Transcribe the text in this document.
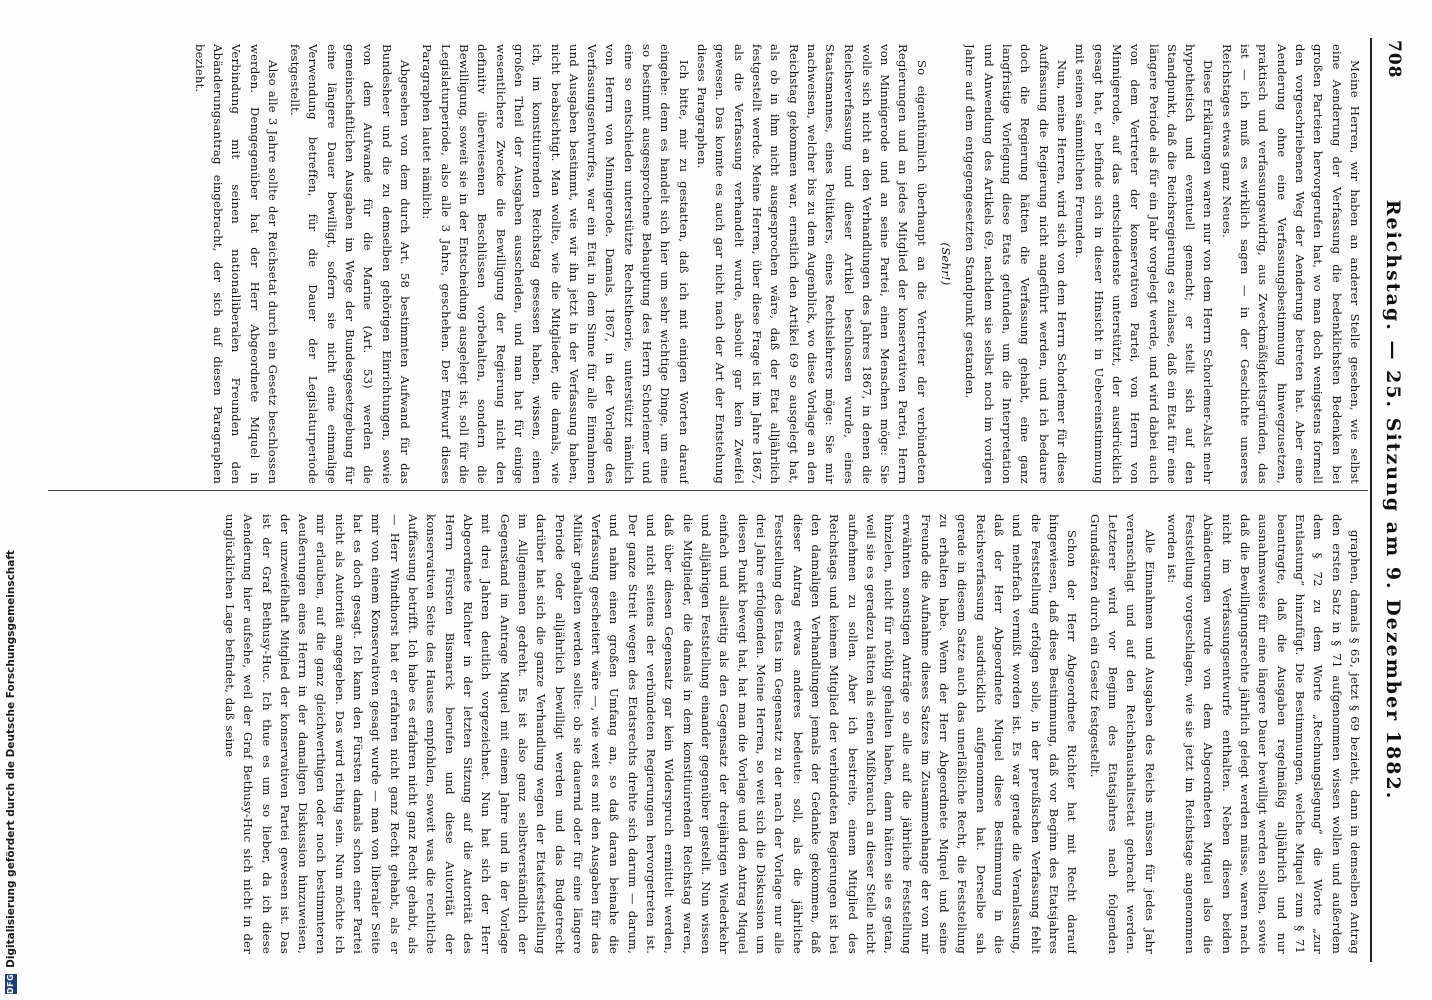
708
Reichstag. — 25. Sitzung am 9. Dezember 1882.

Meine Herren, wir haben an anderer Stelle gesehen, wie selbst eine Aenderung der Verfassung die bedenklichsten Bedenken bei großen Parteien hervorgerufen hat, wo man doch wenigstens formell den vorgeschriebenen Weg der Aenderung betreten hat. Aber eine Aenderung ohne eine Verfassungsbestimmung hinwegzusetzen, praktisch und verfassungswidrig, aus Zweckmäßigkeitsgründen, das ist — ich muß es wirklich sagen — in der Geschichte unseres Reichstages etwas ganz Neues.

Diese Erklärungen waren nur von dem Herrn Schorlemer-Alst mehr hypothetisch und eventuell gemacht; er stellt sich auf den Standpunkt, daß die Reichsregierung es zulasse, daß ein Etat für eine längere Periode als für ein Jahr vorgelegt werde, und wird dabei auch von dem Vertreter der konservativen Partei, von Herrn von Minnigerode, auf das entschiedenste unterstützt, der ausdrücklich gesagt hat, er befinde sich in dieser Hinsicht in Uebereinstimmung mit seinen sämmtlichen Freunden.

Nun, meine Herren, wird sich von dem Herrn Schorlemer für diese Auffassung die Regierung nicht angeführt werden, und ich bedaure doch die Regierung hätten die Verfassung gehabt, eine ganz langfristige Vorlegung diese Etats gefunden, um die Interpretation und Anwendung des Artikels 69, nachdem sie selbst noch im vorigen Jahre auf dem entgegengesetzten Standpunkt gestanden.

(Sehr!)

So eigenthümlich überhaupt an die Vertreter der verbündeten Regierungen und an jedes Mitglied der konservativen Partei, Herrn von Minnigerode und an seine Partei, einen Menschen möge: Sie wolle sich nicht an den Verhandlungen des Jahres 1867, in denen die Reichsverfassung und dieser Artikel beschlossen wurde, eines Staatsmannes, eines Politikers, eines Rechtslehrers möge: Sie mir nachweisen, welcher bis zu dem Augenblick, wo diese Vorlage an den Reichstag gekommen war, ernstlich den Artikel 69 so ausgelegt hat, als ob in ihm nicht ausgesprochen wäre, daß der Etat alljährlich festgestellt werde. Meine Herren, über diese Frage ist im Jahre 1867, als die Verfassung verhandelt wurde, absolut gar kein Zweifel gewesen. Das konnte es auch gar nicht nach der Art der Entstehung dieses Paragraphen.

Ich bitte, mir zu gestatten, daß ich mit einigen Worten darauf eingehe: denn es handelt sich hier um sehr wichtige Dinge, um eine so bestimmt ausgesprochene Behauptung des Herrn Schorlemer und eine so entschieden unterstützte Rechtstheorie, unterstützt nämlich von Herrn von Minnigerode. Damals, 1867, in der Vorlage des Verfassungsentwurfes, war ein Etat in dem Sinne für alle Einnahmen und Ausgaben bestimmt, wie wir ihn jetzt in der Verfassung haben, nicht beabsichtigt. Man wollte, wie die Mitglieder, die damals, wie ich, im konstituirenden Reichstag gesessen haben, wissen, einen großen Theil der Ausgaben ausscheiden, und man hat für einige wesentlichere Zwecke die Bewilligung der Regierung nicht den definitiv überwiesenen Beschlüssen vorbehalten, sondern die Bewilligung, soweit sie in der Entscheidung ausgelegt ist, soll für die Legislaturperiode, also alle 3 Jahre, geschehen. Der Entwurf dieses Paragraphen lautet nämlich:

Abgesehen von dem durch Art. 58 bestimmten Aufwand für das Bundesheer und die zu demselben gehörigen Einrichtungen, sowie von dem Aufwande für die Marine (Art. 53) werden die gemeinschaftlichen Ausgaben im Wege der Bundesgesetzgebung für eine längere Dauer bewilligt, sofern sie nicht eine einmalige Verwendung betreffen, für die Dauer der Legislaturperiode festgestellt.

Also alle 3 Jahre sollte der Reichsetat durch ein Gesetz beschlossen werden. Demgegenüber hat der Herr Abgeordnete Miquel in Verbindung mit seinen nationalliberalen Freunden den Abänderungsantrag eingebracht, der sich auf diesen Paragraphen bezieht.

graphen, damals § 65, jetzt § 69 bezieht, dann in demselben Antrag den ersten Satz in § 71 aufgenommen wissen wollen und außerdem dem § 72 zu dem Worte „Rechnungslegung“ die Worte „zur Entlastung“ hinzufügt. Die Bestimmungen, welche Miquel zum § 71 beantragte, daß die Ausgaben regelmäßig alljährlich und nur ausnahmsweise für eine längere Dauer bewilligt werden sollten, sowie daß die Bewilligungsrechte jährlich gelegt werden müsse, waren nach nicht im Verfassungsentwurfe enthalten. Neben diesen beiden Abänderungen wurde von dem Abgeordneten Miquel also die Feststellung vorgeschlagen, wie sie jetzt im Reichstage angenommen worden ist:

Alle Einnahmen und Ausgaben des Reichs müssen für jedes Jahr veranschlagt und auf den Reichshaushaltsetat gebracht werden. Letzterer wird vor Beginn des Etatsjahres nach folgenden Grundsätzen durch ein Gesetz festgestellt.

Schon der Herr Abgeordnete Richter hat mit Recht darauf hingewiesen, daß diese Bestimmung, daß vor Beginn des Etatsjahres die Feststellung erfolgen solle, in der preußischen Verfassung fehlt und mehrfach vermißt worden ist. Es war gerade die Veranlassung, daß der Herr Abgeordnete Miquel diese Bestimmung in die Reichsverfassung ausdrücklich aufgenommen hat. Derselbe sah gerade in diesem Satze auch das unerläßliche Recht, die Feststellung zu erhalten habe. Wenn der Herr Abgeordnete Miquel und seine Freunde die Aufnahme dieses Satzes im Zusammenhange der von mir erwähnten sonstigen Anträge so alle auf die jährliche Feststellung hinzielen, nicht für nöthig gehalten haben, dann hätten sie es getan, weil sie es geradezu hätten als einen Mißbrauch an dieser Stelle nicht aufnehmen zu sollen. Aber ich bestreite, einem Mitglied des Reichstags und keinem Mitglied der verbündeten Regierungen ist bei den damaligen Verhandlungen jemals der Gedanke gekommen, daß dieser Antrag etwas anderes bedeute: soll, als die jährliche Feststellung des Etats im Gegensatz zu der nach der Vorlage nur alle drei Jahre erfolgenden. Meine Herren, so weit sich die Diskussion um diesen Punkt bewegt hat, hat man die Vorlage und den Antrag Miquel einfach und allseitig als den Gegensatz der dreijährigen Wiederkehr und alljährigen Feststellung einander gegenüber gestellt. Nun wissen die Mitglieder, die damals in dem konstituirenden Reichstag waren, daß über diesen Gegensatz gar kein Widerspruch ermittelt werden, und nicht seitens der verbündeten Regierungen hervorgetreten ist. Der ganze Streit wegen des Etatsrechts drehte sich darum — darum, und nahm einen großen Umfang an, so daß daran beinahe die Verfassung gescheitert wäre —, wie weit es mit den Ausgaben für das Militär gehalten werden sollte: ob sie dauernd oder für eine längere Periode oder alljährlich bewilligt werden und das Budgetrecht darüber hat sich die ganze Verhandlung wegen der Etatsfeststellung im Allgemeinen gedreht. Es ist also ganz selbstverständlich der Gegenstand im Antrage Miquel mit einem Jahre und in der Vorlage mit drei Jahren deutlich vorgezeichnet. Nun hat sich der Herr Abgeordnete Richter in der letzten Sitzung auf die Autorität des Herrn Fürsten Bismarck berufen und diese Autorität der konservativen Seite des Hauses empfohlen, soweit was die rechtliche Auffassung betrifft. Ich habe es erfahren nicht ganz Recht gehabt, als — Herr Windthorst hat er erfahren nicht ganz Recht gehabt, als er mir von einem Konservativen gesagt wurde — man von liberaler Seite hat es doch gesagt. Ich kann den Fürsten damals schon einer Partei nicht als Autorität angegeben. Das wird richtig sein. Nun möchte ich mir erlauben, auf die ganz gleichwerthigen oder noch bestimmteren Aeußerungen eines Herrn in der damaligen Diskussion hinzuweisen, der unzweifelhaft Mitglied der konservativen Partei gewesen ist. Das ist der Graf Bethusy-Huc. Ich thue es um so lieber, da ich diese Aenderung hier aufsehe, weil der Graf Bethusy-Huc sich nicht in der unglücklichen Lage befindet, daß seine

DFG
Digitalisierung gefördert durch die Deutsche Forschungsgemeinschaft
